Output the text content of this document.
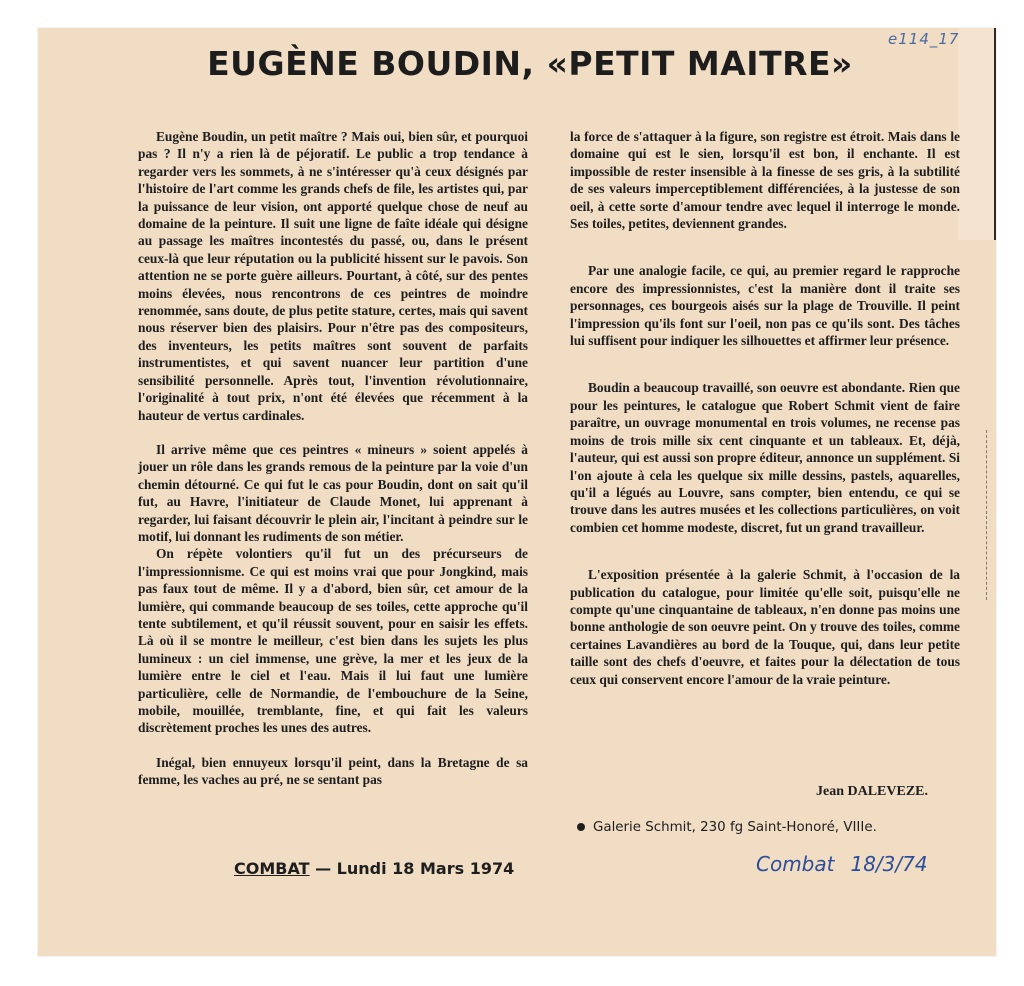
e114_17
EUGÈNE BOUDIN, «PETIT MAITRE»

Eugène Boudin, un petit maître ? Mais oui, bien sûr, et pourquoi pas ? Il n'y a rien là de péjoratif. Le public a trop tendance à regarder vers les sommets, à ne s'intéresser qu'à ceux désignés par l'histoire de l'art comme les grands chefs de file, les artistes qui, par la puissance de leur vision, ont apporté quelque chose de neuf au domaine de la peinture. Il suit une ligne de faîte idéale qui désigne au passage les maîtres incontestés du passé, ou, dans le présent ceux-là que leur réputation ou la publicité hissent sur le pavois. Son attention ne se porte guère ailleurs. Pourtant, à côté, sur des pentes moins élevées, nous rencontrons de ces peintres de moindre renommée, sans doute, de plus petite stature, certes, mais qui savent nous réserver bien des plaisirs. Pour n'être pas des compositeurs, des inventeurs, les petits maîtres sont souvent de parfaits instrumentistes, et qui savent nuancer leur partition d'une sensibilité personnelle. Après tout, l'invention révolutionnaire, l'originalité à tout prix, n'ont été élevées que récemment à la hauteur de vertus cardinales.

Il arrive même que ces peintres « mineurs » soient appelés à jouer un rôle dans les grands remous de la peinture par la voie d'un chemin détourné. Ce qui fut le cas pour Boudin, dont on sait qu'il fut, au Havre, l'initiateur de Claude Monet, lui apprenant à regarder, lui faisant découvrir le plein air, l'incitant à peindre sur le motif, lui donnant les rudiments de son métier.

On répète volontiers qu'il fut un des précurseurs de l'impressionnisme. Ce qui est moins vrai que pour Jongkind, mais pas faux tout de même. Il y a d'abord, bien sûr, cet amour de la lumière, qui commande beaucoup de ses toiles, cette approche qu'il tente subtilement, et qu'il réussit souvent, pour en saisir les effets. Là où il se montre le meilleur, c'est bien dans les sujets les plus lumineux : un ciel immense, une grève, la mer et les jeux de la lumière entre le ciel et l'eau. Mais il lui faut une lumière particulière, celle de Normandie, de l'embouchure de la Seine, mobile, mouillée, tremblante, fine, et qui fait les valeurs discrètement proches les unes des autres.

Inégal, bien ennuyeux lorsqu'il peint, dans la Bretagne de sa femme, les vaches au pré, ne se sentant pas

la force de s'attaquer à la figure, son registre est étroit. Mais dans le domaine qui est le sien, lorsqu'il est bon, il enchante. Il est impossible de rester insensible à la finesse de ses gris, à la subtilité de ses valeurs imperceptiblement différenciées, à la justesse de son oeil, à cette sorte d'amour tendre avec lequel il interroge le monde. Ses toiles, petites, deviennent grandes.

Par une analogie facile, ce qui, au premier regard le rapproche encore des impressionnistes, c'est la manière dont il traite ses personnages, ces bourgeois aisés sur la plage de Trouville. Il peint l'impression qu'ils font sur l'oeil, non pas ce qu'ils sont. Des tâches lui suffisent pour indiquer les silhouettes et affirmer leur présence.

Boudin a beaucoup travaillé, son oeuvre est abondante. Rien que pour les peintures, le catalogue que Robert Schmit vient de faire paraître, un ouvrage monumental en trois volumes, ne recense pas moins de trois mille six cent cinquante et un tableaux. Et, déjà, l'auteur, qui est aussi son propre éditeur, annonce un supplément. Si l'on ajoute à cela les quelque six mille dessins, pastels, aquarelles, qu'il a légués au Louvre, sans compter, bien entendu, ce qui se trouve dans les autres musées et les collections particulières, on voit combien cet homme modeste, discret, fut un grand travailleur.

L'exposition présentée à la galerie Schmit, à l'occasion de la publication du catalogue, pour limitée qu'elle soit, puisqu'elle ne compte qu'une cinquantaine de tableaux, n'en donne pas moins une bonne anthologie de son oeuvre peint. On y trouve des toiles, comme certaines Lavandières au bord de la Touque, qui, dans leur petite taille sont des chefs d'oeuvre, et faites pour la délectation de tous ceux qui conservent encore l'amour de la vraie peinture.

Jean DALEVEZE.
Galerie Schmit, 230 fg Saint-Honoré, VIIIe.
COMBAT — Lundi 18 Mars 1974	Combat 18/3/74
